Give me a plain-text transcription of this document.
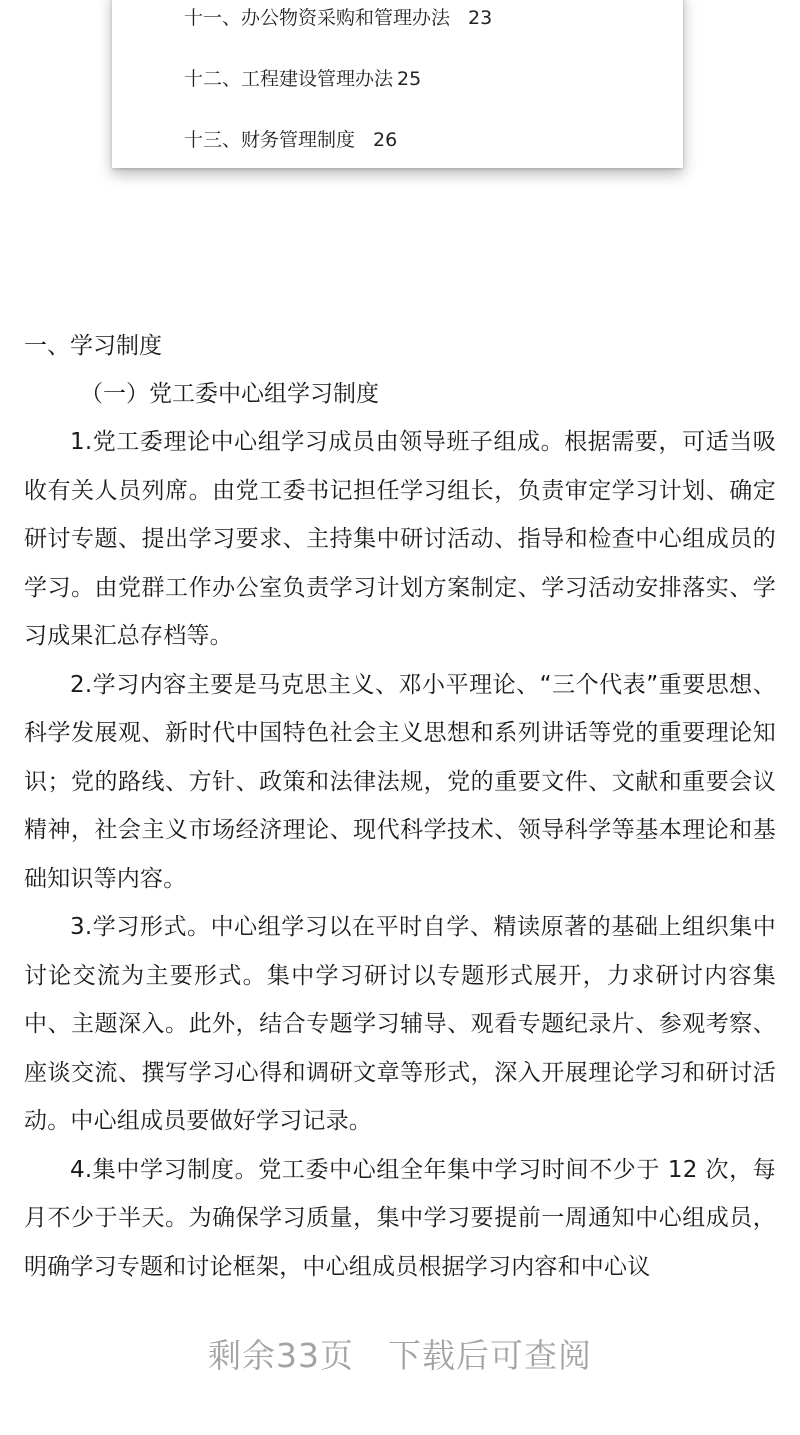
十一、办公物资采购和管理办法 23
十二、工程建设管理办法 25
十三、财务管理制度 26
一、学习制度
（一）党工委中心组学习制度

1.党工委理论中心组学习成员由领导班子组成。根据需要，可适当吸收有关人员列席。由党工委书记担任学习组长，负责审定学习计划、确定研讨专题、提出学习要求、主持集中研讨活动、指导和检查中心组成员的学习。由党群工作办公室负责学习计划方案制定、学习活动安排落实、学习成果汇总存档等。

2.学习内容主要是马克思主义、邓小平理论、“三个代表”重要思想、科学发展观、新时代中国特色社会主义思想和系列讲话等党的重要理论知识；党的路线、方针、政策和法律法规，党的重要文件、文献和重要会议精神，社会主义市场经济理论、现代科学技术、领导科学等基本理论和基础知识等内容。

3.学习形式。中心组学习以在平时自学、精读原著的基础上组织集中讨论交流为主要形式。集中学习研讨以专题形式展开，力求研讨内容集中、主题深入。此外，结合专题学习辅导、观看专题纪录片、参观考察、座谈交流、撰写学习心得和调研文章等形式，深入开展理论学习和研讨活动。中心组成员要做好学习记录。

4.集中学习制度。党工委中心组全年集中学习时间不少于 12 次，每月不少于半天。为确保学习质量，集中学习要提前一周通知中心组成员，明确学习专题和讨论框架，中心组成员根据学习内容和中心议

剩余33页 下载后可查阅
